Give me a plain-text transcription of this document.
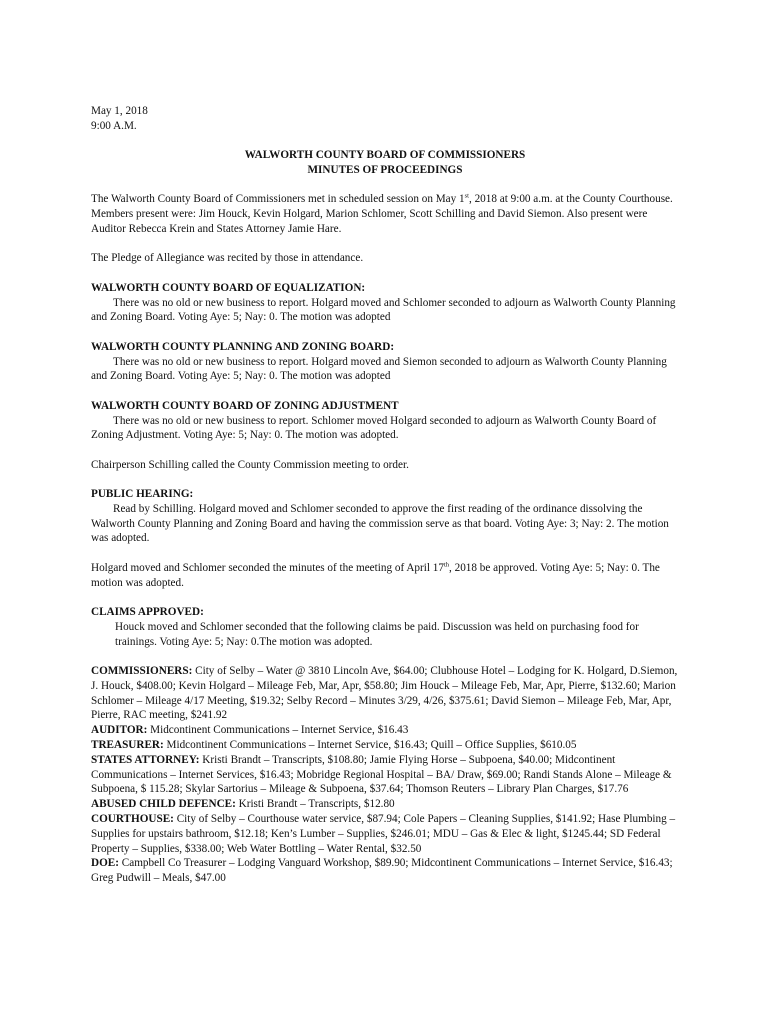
May 1, 2018

9:00 A.M.

WALWORTH COUNTY BOARD OF COMMISSIONERS

MINUTES OF PROCEEDINGS

The Walworth County Board of Commissioners met in scheduled session on May 1st, 2018 at 9:00 a.m. at the County Courthouse. Members present were: Jim Houck, Kevin Holgard, Marion Schlomer, Scott Schilling and David Siemon. Also present were Auditor Rebecca Krein and States Attorney Jamie Hare.

The Pledge of Allegiance was recited by those in attendance.

WALWORTH COUNTY BOARD OF EQUALIZATION:

There was no old or new business to report. Holgard moved and Schlomer seconded to adjourn as Walworth County Planning and Zoning Board. Voting Aye: 5; Nay: 0. The motion was adopted

WALWORTH COUNTY PLANNING AND ZONING BOARD:

There was no old or new business to report. Holgard moved and Siemon seconded to adjourn as Walworth County Planning and Zoning Board. Voting Aye: 5; Nay: 0. The motion was adopted

WALWORTH COUNTY BOARD OF ZONING ADJUSTMENT

There was no old or new business to report. Schlomer moved Holgard seconded to adjourn as Walworth County Board of Zoning Adjustment. Voting Aye: 5; Nay: 0. The motion was adopted.

Chairperson Schilling called the County Commission meeting to order.

PUBLIC HEARING:

Read by Schilling. Holgard moved and Schlomer seconded to approve the first reading of the ordinance dissolving the Walworth County Planning and Zoning Board and having the commission serve as that board. Voting Aye: 3; Nay: 2. The motion was adopted.

Holgard moved and Schlomer seconded the minutes of the meeting of April 17th, 2018 be approved. Voting Aye: 5; Nay: 0. The motion was adopted.

CLAIMS APPROVED:

Houck moved and Schlomer seconded that the following claims be paid. Discussion was held on purchasing food for trainings. Voting Aye: 5; Nay: 0.The motion was adopted.

COMMISSIONERS: City of Selby – Water @ 3810 Lincoln Ave, $64.00; Clubhouse Hotel – Lodging for K. Holgard, D.Siemon, J. Houck, $408.00; Kevin Holgard – Mileage Feb, Mar, Apr, $58.80; Jim Houck – Mileage Feb, Mar, Apr, Pierre, $132.60; Marion Schlomer – Mileage 4/17 Meeting, $19.32; Selby Record – Minutes 3/29, 4/26, $375.61; David Siemon – Mileage Feb, Mar, Apr, Pierre, RAC meeting, $241.92

AUDITOR: Midcontinent Communications – Internet Service, $16.43

TREASURER: Midcontinent Communications – Internet Service, $16.43; Quill – Office Supplies, $610.05

STATES ATTORNEY: Kristi Brandt – Transcripts, $108.80; Jamie Flying Horse – Subpoena, $40.00; Midcontinent Communications – Internet Services, $16.43; Mobridge Regional Hospital – BA/ Draw, $69.00; Randi Stands Alone – Mileage & Subpoena, $ 115.28; Skylar Sartorius – Mileage & Subpoena, $37.64; Thomson Reuters – Library Plan Charges, $17.76

ABUSED CHILD DEFENCE: Kristi Brandt – Transcripts, $12.80

COURTHOUSE: City of Selby – Courthouse water service, $87.94; Cole Papers – Cleaning Supplies, $141.92; Hase Plumbing – Supplies for upstairs bathroom, $12.18; Ken’s Lumber – Supplies, $246.01; MDU – Gas & Elec & light, $1245.44; SD Federal Property – Supplies, $338.00; Web Water Bottling – Water Rental, $32.50

DOE: Campbell Co Treasurer – Lodging Vanguard Workshop, $89.90; Midcontinent Communications – Internet Service, $16.43; Greg Pudwill – Meals, $47.00
